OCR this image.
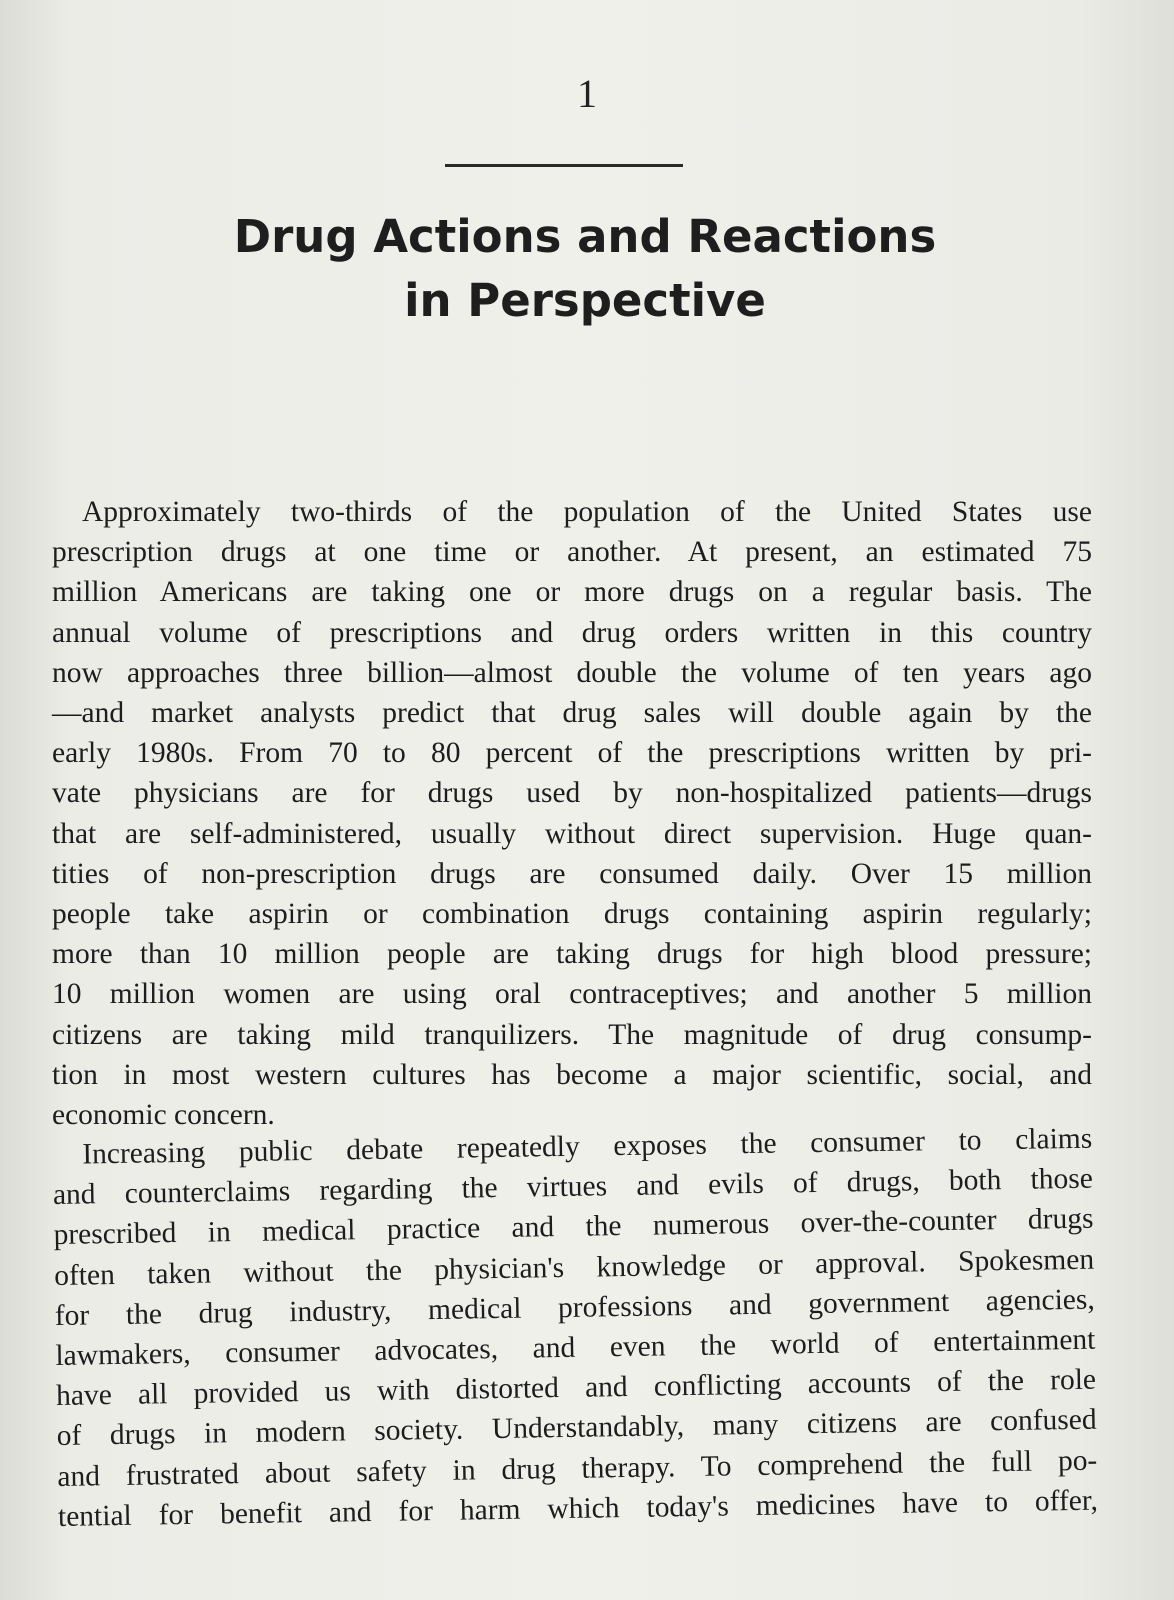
1
Drug Actions and Reactions
in Perspective

Approximately two-thirds of the population of the United States use
prescription drugs at one time or another. At present, an estimated 75
million Americans are taking one or more drugs on a regular basis. The
annual volume of prescriptions and drug orders written in this country
now approaches three billion—almost double the volume of ten years ago
—and market analysts predict that drug sales will double again by the
early 1980s. From 70 to 80 percent of the prescriptions written by pri-
vate physicians are for drugs used by non-hospitalized patients—drugs
that are self-administered, usually without direct supervision. Huge quan-
tities of non-prescription drugs are consumed daily. Over 15 million
people take aspirin or combination drugs containing aspirin regularly;
more than 10 million people are taking drugs for high blood pressure;
10 million women are using oral contraceptives; and another 5 million
citizens are taking mild tranquilizers. The magnitude of drug consump-
tion in most western cultures has become a major scientific, social, and
economic concern.

Increasing public debate repeatedly exposes the consumer to claims
and counterclaims regarding the virtues and evils of drugs, both those
prescribed in medical practice and the numerous over-the-counter drugs
often taken without the physician's knowledge or approval. Spokesmen
for the drug industry, medical professions and government agencies,
lawmakers, consumer advocates, and even the world of entertainment
have all provided us with distorted and conflicting accounts of the role
of drugs in modern society. Understandably, many citizens are confused
and frustrated about safety in drug therapy. To comprehend the full po-
tential for benefit and for harm which today's medicines have to offer,
